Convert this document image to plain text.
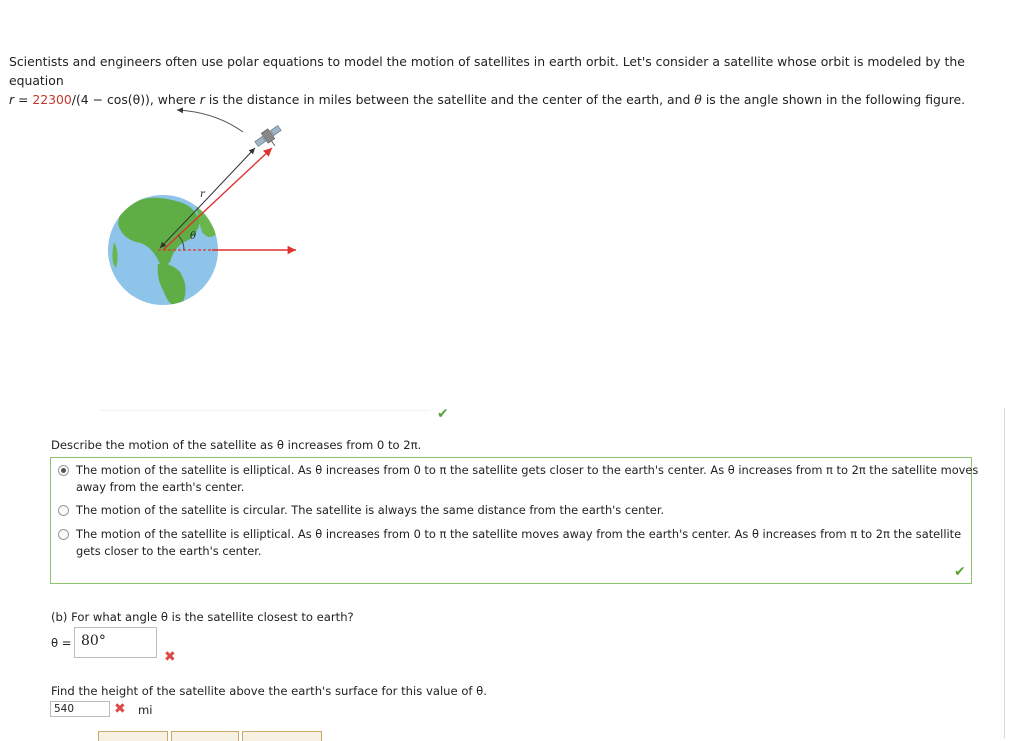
Scientists and engineers often use polar equations to model the motion of satellites in earth orbit. Let's consider a satellite whose orbit is modeled by the equation
r = 22300/(4 − cos(θ)), where r is the distance in miles between the satellite and the center of the earth, and θ is the angle shown in the following figure.
θ
r
✔
Describe the motion of the satellite as θ increases from 0 to 2π.
The motion of the satellite is elliptical. As θ increases from 0 to π the satellite gets closer to the earth's center. As θ increases from π to 2π the satellite moves away from the earth's center.
The motion of the satellite is circular. The satellite is always the same distance from the earth's center.
The motion of the satellite is elliptical. As θ increases from 0 to π the satellite moves away from the earth's center. As θ increases from π to 2π the satellite gets closer to the earth's center.
✔
(b) For what angle θ is the satellite closest to earth?
θ = 80°
✖
Find the height of the satellite above the earth's surface for this value of θ.
540	✖ mi
